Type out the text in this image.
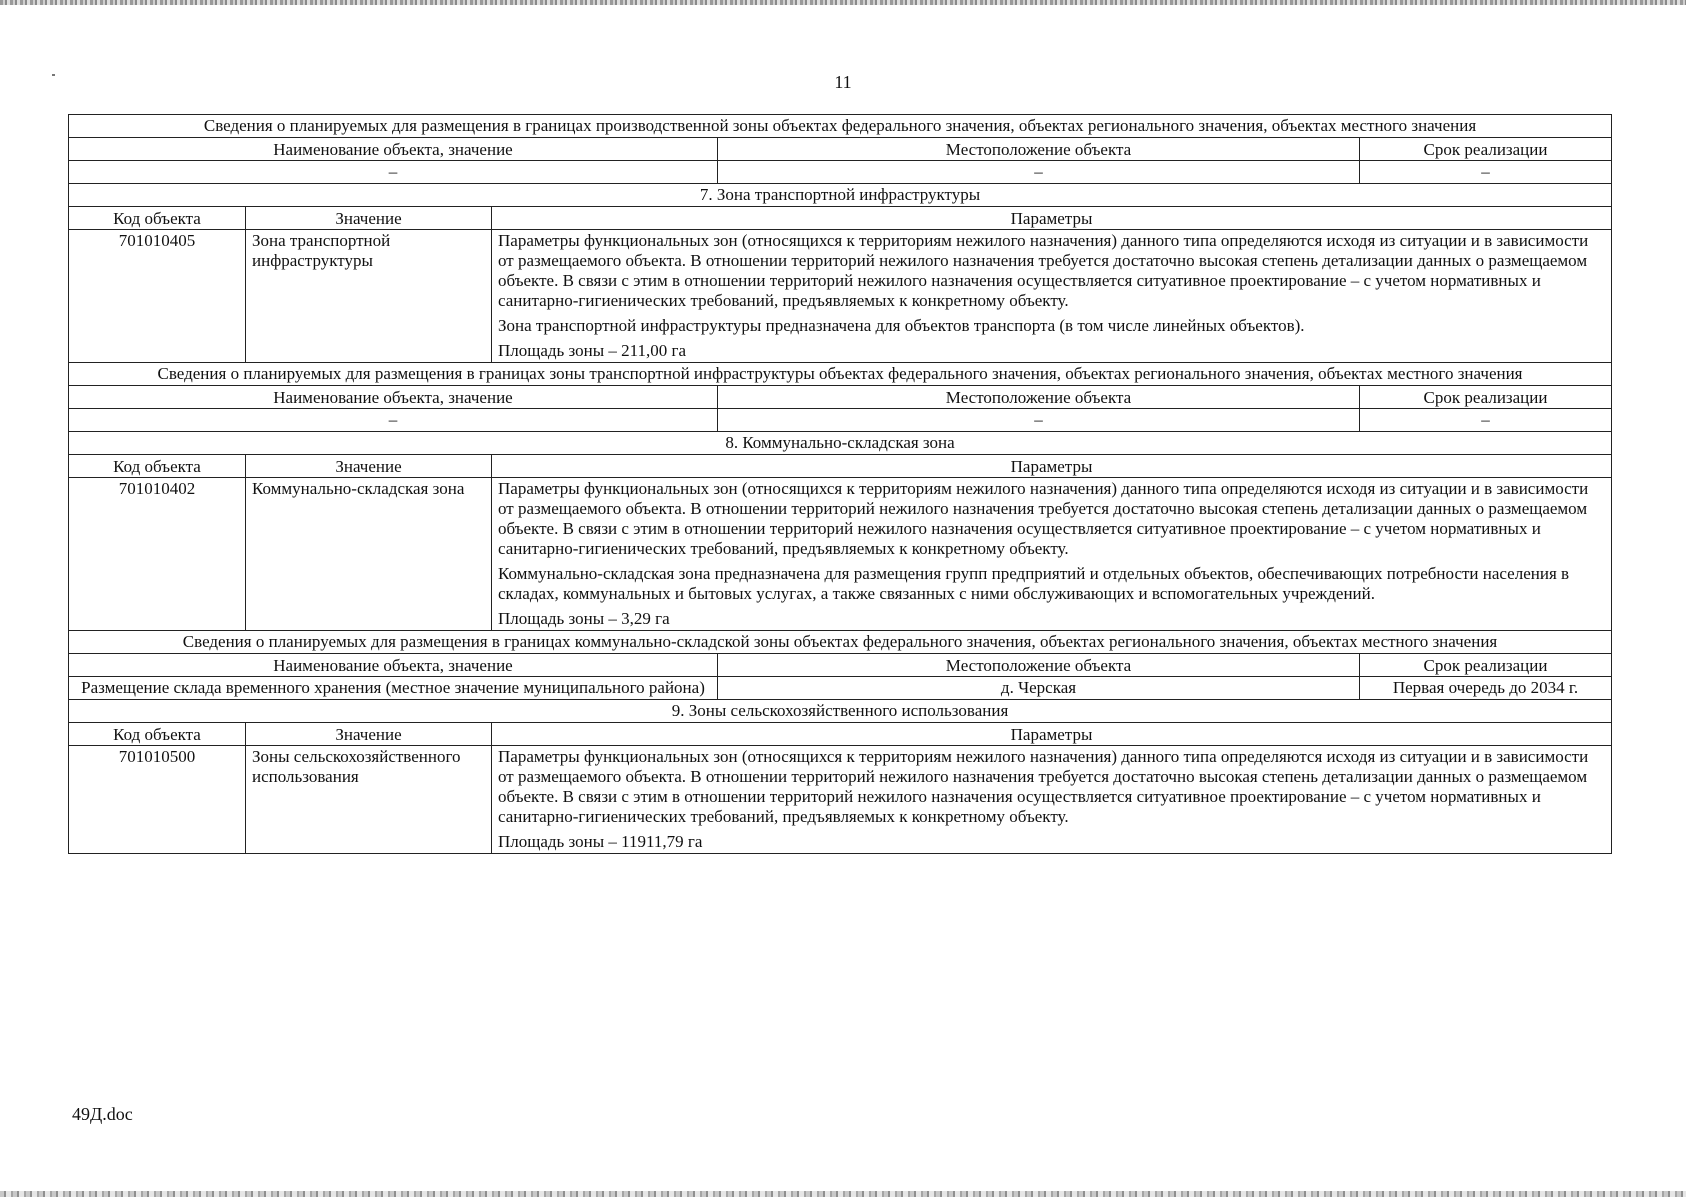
11
Сведения о планируемых для размещения в границах производственной зоны объектах федерального значения, объектах регионального значения, объектах местного значения				
Наименование объекта, значение			Местоположение объекта	Срок реализации
–			–	–
7. Зона транспортной инфраструктуры				
Код объекта	Значение	Параметры		
701010405	Зона транспортной инфраструктуры	Параметры функциональных зон (относящихся к территориям нежилого назначения) данного типа определяются исходя из ситуации и в зависимости от размещаемого объекта. В отношении территорий нежилого назначения требуется достаточно высокая степень детализации данных о размещаемом объекте. В связи с этим в отношении территорий нежилого назначения осуществляется ситуативное проектирование – с учетом нормативных и санитарно-гигиенических требований, предъявляемых к конкретному объекту.

Зона транспортной инфраструктуры предназначена для объектов транспорта (в том числе линейных объектов).

Площадь зоны – 211,00 га		

Сведения о планируемых для размещения в границах зоны транспортной инфраструктуры объектах федерального значения, объектах регионального значения, объектах местного значения				
Наименование объекта, значение			Местоположение объекта	Срок реализации
–			–	–
8. Коммунально-складская зона				
Код объекта	Значение	Параметры		
701010402	Коммунально-складская зона	Параметры функциональных зон (относящихся к территориям нежилого назначения) данного типа определяются исходя из ситуации и в зависимости от размещаемого объекта. В отношении территорий нежилого назначения требуется достаточно высокая степень детализации данных о размещаемом объекте. В связи с этим в отношении территорий нежилого назначения осуществляется ситуативное проектирование – с учетом нормативных и санитарно-гигиенических требований, предъявляемых к конкретному объекту.

Коммунально-складская зона предназначена для размещения групп предприятий и отдельных объектов, обеспечивающих потребности населения в складах, коммунальных и бытовых услугах, а также связанных с ними обслуживающих и вспомогательных учреждений.

Площадь зоны – 3,29 га		

Сведения о планируемых для размещения в границах коммунально-складской зоны объектах федерального значения, объектах регионального значения, объектах местного значения				
Наименование объекта, значение			Местоположение объекта	Срок реализации
Размещение склада временного хранения (местное значение муниципального района)			д. Черская	Первая очередь до 2034 г.
9. Зоны сельскохозяйственного использования				
Код объекта	Значение	Параметры		
701010500	Зоны сельскохозяйственного использования	Параметры функциональных зон (относящихся к территориям нежилого назначения) данного типа определяются исходя из ситуации и в зависимости от размещаемого объекта. В отношении территорий нежилого назначения требуется достаточно высокая степень детализации данных о размещаемом объекте. В связи с этим в отношении территорий нежилого назначения осуществляется ситуативное проектирование – с учетом нормативных и санитарно-гигиенических требований, предъявляемых к конкретному объекту.

Площадь зоны – 11911,79 га		

49Д.doc
